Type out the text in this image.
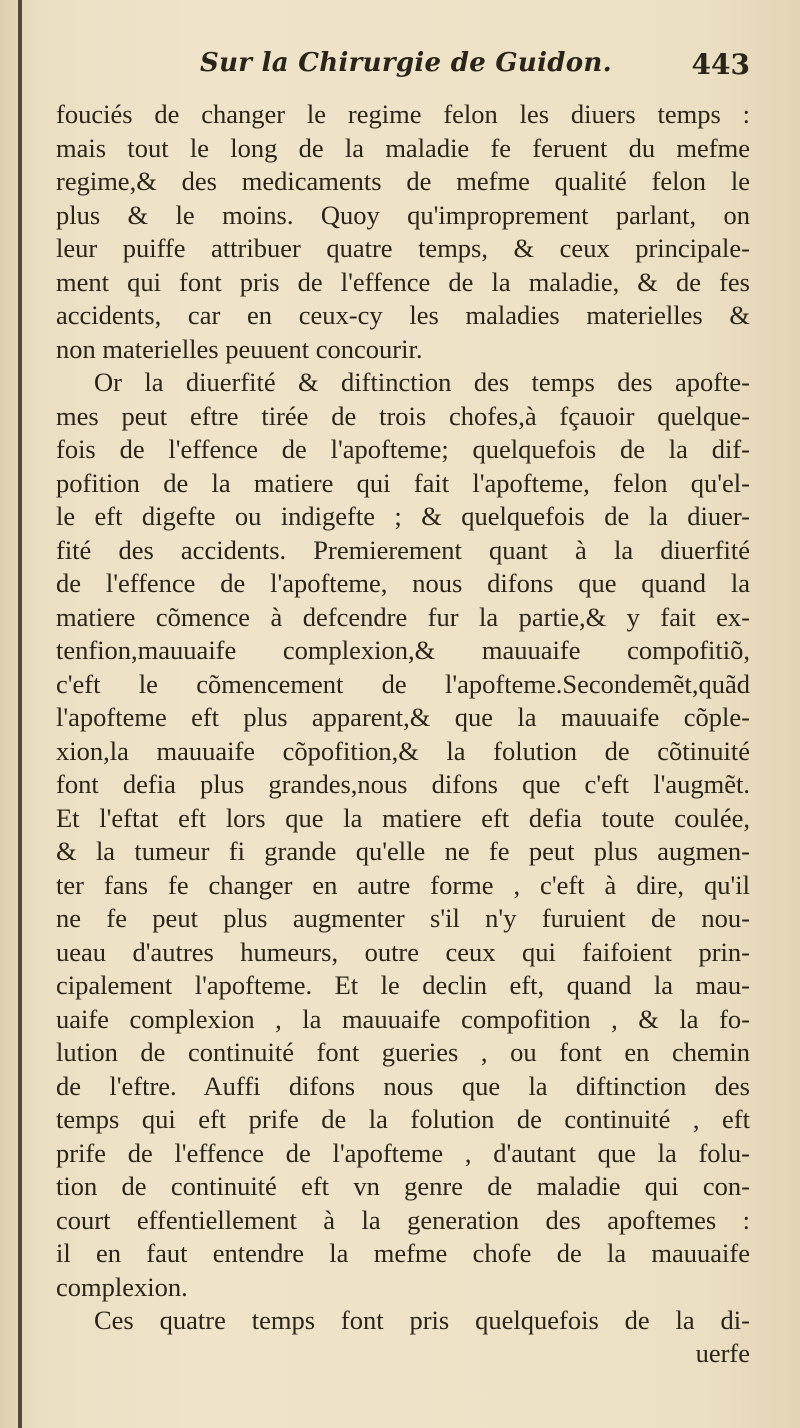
Sur la Chirurgie de Guidon.	443
fouciés de changer le regime felon les diuers temps :
mais tout le long de la maladie fe feruent du mefme
regime,& des medicaments de mefme qualité felon le
plus & le moins. Quoy qu'improprement parlant, on
leur puiffe attribuer quatre temps, & ceux principale-
ment qui font pris de l'effence de la maladie, & de fes
accidents, car en ceux-cy les maladies materielles &
non materielles peuuent concourir.
Or la diuerfité & diftinction des temps des apofte-
mes peut eftre tirée de trois chofes,à fçauoir quelque-
fois de l'effence de l'apofteme; quelquefois de la dif-
pofition de la matiere qui fait l'apofteme, felon qu'el-
le eft digefte ou indigefte ; & quelquefois de la diuer-
fité des accidents. Premierement quant à la diuerfité
de l'effence de l'apofteme, nous difons que quand la
matiere cõmence à defcendre fur la partie,& y fait ex-
tenfion,mauuaife complexion,& mauuaife compofitiõ,
c'eft le cõmencement de l'apofteme.Secondemẽt,quãd
l'apofteme eft plus apparent,& que la mauuaife cõple-
xion,la mauuaife cõpofition,& la folution de cõtinuité
font defia plus grandes,nous difons que c'eft l'augmẽt.
Et l'eftat eft lors que la matiere eft defia toute coulée,
& la tumeur fi grande qu'elle ne fe peut plus augmen-
ter fans fe changer en autre forme , c'eft à dire, qu'il
ne fe peut plus augmenter s'il n'y furuient de nou-
ueau d'autres humeurs, outre ceux qui faifoient prin-
cipalement l'apofteme. Et le declin eft, quand la mau-
uaife complexion , la mauuaife compofition , & la fo-
lution de continuité font gueries , ou font en chemin
de l'eftre. Auffi difons nous que la diftinction des
temps qui eft prife de la folution de continuité , eft
prife de l'effence de l'apofteme , d'autant que la folu-
tion de continuité eft vn genre de maladie qui con-
court effentiellement à la generation des apoftemes :
il en faut entendre la mefme chofe de la mauuaife
complexion.
Ces quatre temps font pris quelquefois de la di-
uerfe
